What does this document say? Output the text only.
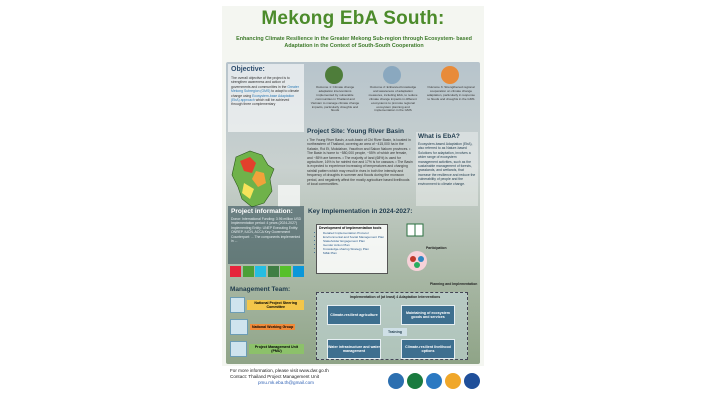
Mekong EbA South:
Enhancing Climate Resilience in the Greater Mekong Sub-region through Ecosystem- based Adaptation in the Context of South-South Cooperation
Objective:
The overall objective of the project is to strengthen awareness and action of governments and communities in the Greater Mekong Subregion (GMS) to adapt to climate change using Ecosystem-base Adaptation (EbA) approach which will be achieved through three complementary
Project information:
Donor: International Funding: 3.96 million USD Implementation period: 4 years (2024-2027) Implementing Entity: UNEP Executing Entity: ONREP, IUCN, ACCA Key Government Counterpart: ... The components implemented in ...
Management Team:
National Project Steering Committee
National Working Group
Project Management Unit (PMU)
Outcome 1: Climate change adaptation interventions implemented by vulnerable communities in Thailand and Vietnam to manage climate change impacts, particularly droughts and floods
Outcome 2: Enhanced knowledge and awareness of adaptation measures, including EbA, to reduce climate change impacts in different ecosystems to promote regional ecosystem planning and implementation in the GMS
Outcome 3: Strengthened regional cooperation on climate change adaptation, particularly in response to floods and droughts in the GMS
Project Site: Young River Basin
• The Young River Basin, a sub-basin of Chi River Basin, is located in northeastern of Thailand, covering an area of ~415,000 ha in the Kalasin, Roi Et, Mukdahan, Yasothon and Sakon Nakorn provinces. • The Basin is home to ~580,000 people, ~55% of which are female, and ~85% are farmers. • The majority of land (68%) is used for agriculture, 16% is for rainfed rice and 17% is for cassava. • The Basin is expected to experience increasing of temperatures and changing rainfall pattern which may result in rises in both the intensity and frequency of droughts in summer and floods during the monsoon period, and negatively affect the mostly agriculture based livelihoods of local communities.
What is EbA?
Ecosystem-based Adaptation (EbA), also referred to as Nature-based Solutions for adaptation, involves a wider range of ecosystem management activities, such as the sustainable management of forests, grasslands, and wetlands, that increase the resilience and reduce the vulnerability of people and the environment to climate change.
Key Implementation in 2024-2027:
Development of implementation tools
• Detailed Implementation Protocol
• Environmental and Social Management Plan
• Stakeholder Engagement Plan
• Gender Action Plan
• Knowledge-sharing Strategy Plan
• M&E Plan
Participation
Planning and Implementation
Implementation of (at least) 4 Adaptation Interventions
Climate-resilient agriculture	Maintaining of ecosystem goods and services
Training
Water infrastructure and water management
Climate-resilient livelihood options
For more information, please visit www.dwr.go.th
Contact: Thailand Project Management Unit
pmu.mk.eba.th@gmail.com
